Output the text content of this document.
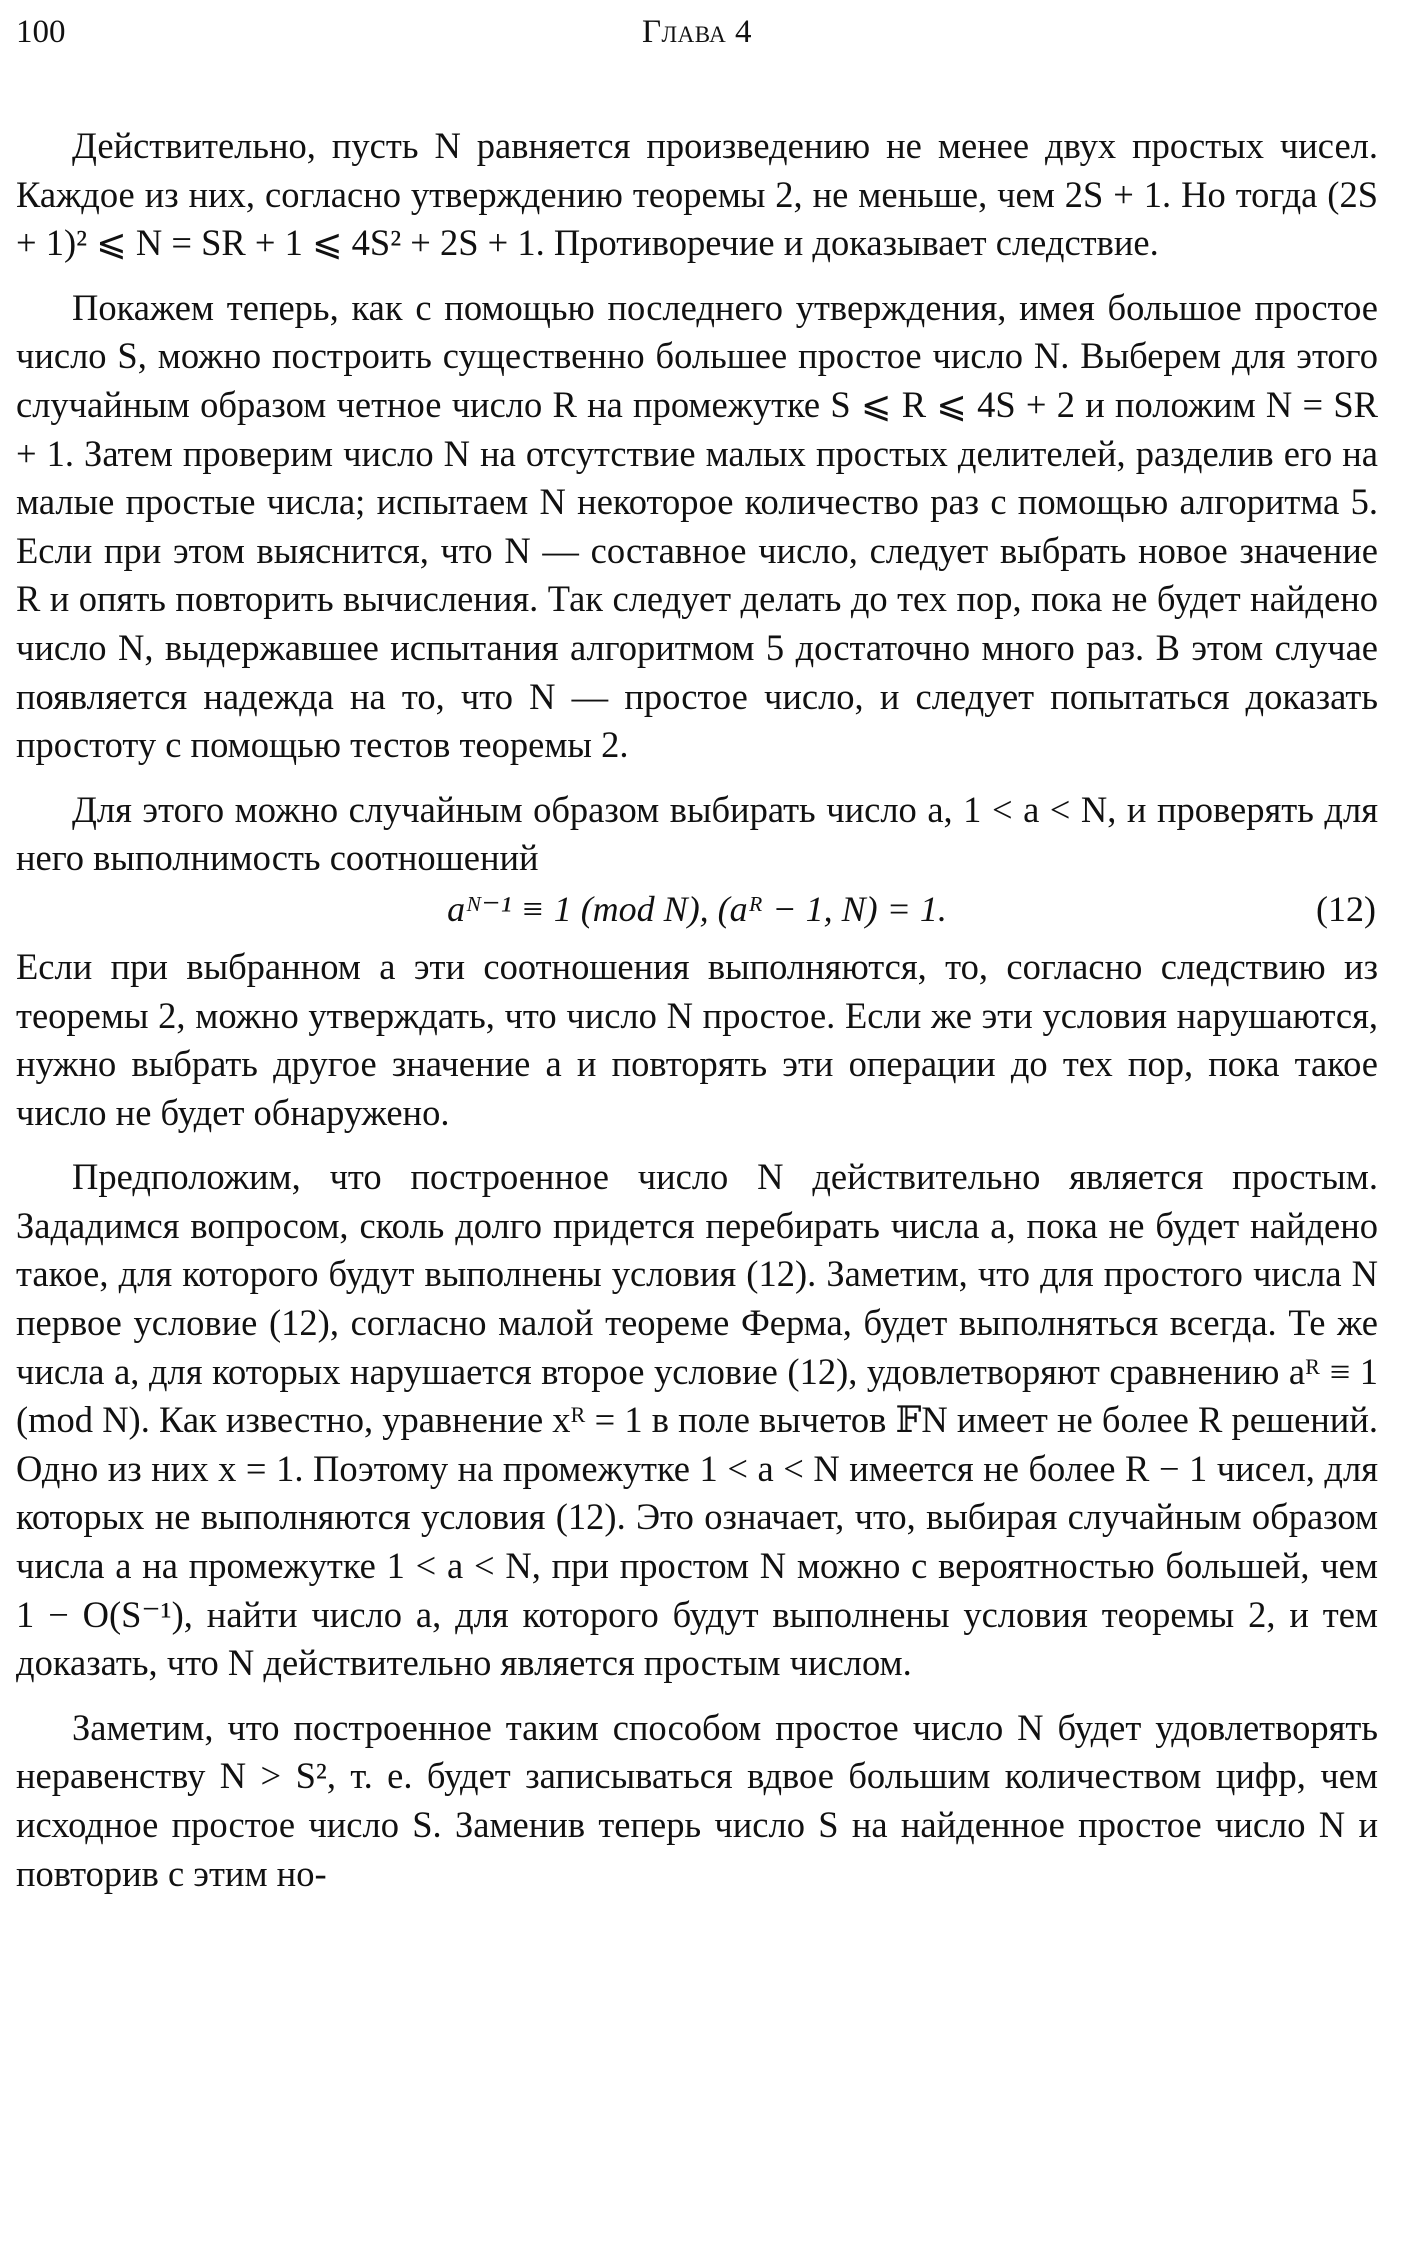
100	Глава 4

Действительно, пусть N равняется произведению не менее двух простых чисел. Каждое из них, согласно утверждению теоремы 2, не меньше, чем 2S + 1. Но тогда (2S + 1)² ⩽ N = SR + 1 ⩽ 4S² + 2S + 1. Противоречие и доказывает следствие.

Покажем теперь, как с помощью последнего утверждения, имея большое простое число S, можно построить существенно большее простое число N. Выберем для этого случайным образом четное число R на промежутке S ⩽ R ⩽ 4S + 2 и положим N = SR + 1. Затем проверим число N на отсутствие малых простых делителей, разделив его на малые простые числа; испытаем N некоторое количество раз с помощью алгоритма 5. Если при этом выяснится, что N — составное число, следует выбрать новое значение R и опять повторить вычисления. Так следует делать до тех пор, пока не будет найдено число N, выдержавшее испытания алгоритмом 5 достаточно много раз. В этом случае появляется надежда на то, что N — простое число, и следует попытаться доказать простоту с помощью тестов теоремы 2.

Для этого можно случайным образом выбирать число a, 1 < a < N, и проверять для него выполнимость соотношений

aᴺ⁻¹ ≡ 1 (mod N), (aᴿ − 1, N) = 1.	(12)

Если при выбранном a эти соотношения выполняются, то, согласно следствию из теоремы 2, можно утверждать, что число N простое. Если же эти условия нарушаются, нужно выбрать другое значение a и повторять эти операции до тех пор, пока такое число не будет обнаружено.

Предположим, что построенное число N действительно является простым. Зададимся вопросом, сколь долго придется перебирать числа a, пока не будет найдено такое, для которого будут выполнены условия (12). Заметим, что для простого числа N первое условие (12), согласно малой теореме Ферма, будет выполняться всегда. Те же числа a, для которых нарушается второе условие (12), удовлетворяют сравнению aᴿ ≡ 1 (mod N). Как известно, уравнение xᴿ = 1 в поле вычетов 𝔽N имеет не более R решений. Одно из них x = 1. Поэтому на промежутке 1 < a < N имеется не более R − 1 чисел, для которых не выполняются условия (12). Это означает, что, выбирая случайным образом числа a на промежутке 1 < a < N, при простом N можно с вероятностью большей, чем 1 − O(S⁻¹), найти число a, для которого будут выполнены условия теоремы 2, и тем доказать, что N действительно является простым числом.

Заметим, что построенное таким способом простое число N будет удовлетворять неравенству N > S², т. е. будет записываться вдвое большим количеством цифр, чем исходное простое число S. Заменив теперь число S на найденное простое число N и повторив с этим но-
